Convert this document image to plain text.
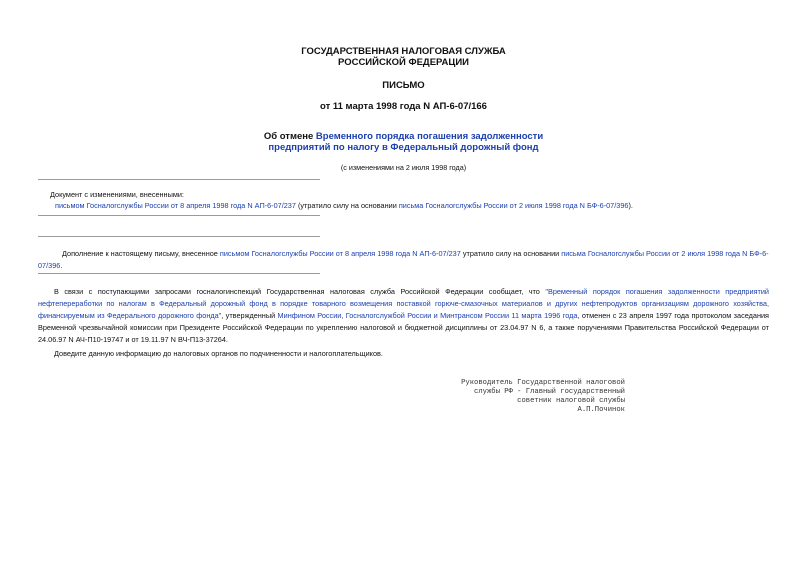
ГОСУДАРСТВЕННАЯ НАЛОГОВАЯ СЛУЖБА
РОССИЙСКОЙ ФЕДЕРАЦИИ
ПИСЬМО
от 11 марта 1998 года N АП-6-07/166
Об отмене Временного порядка погашения задолженности
предприятий по налогу в Федеральный дорожный фонд
(с изменениями на 2 июля 1998 года)
Документ с изменениями, внесенными:
письмом Госналогслужбы России от 8 апреля 1998 года N АП-6-07/237 (утратило силу на основании письма Госналогслужбы России от 2 июля 1998 года N БФ-6-07/396).
Дополнение к настоящему письму, внесенное письмом Госналогслужбы России от 8 апреля 1998 года N АП-6-07/237 утратило силу на основании письма Госналогслужбы России от 2 июля 1998 года N БФ-6-07/396.
В связи с поступающими запросами госналогинспекций Государственная налоговая служба Российской Федерации сообщает, что "Временный порядок погашения задолженности предприятий нефтепереработки по налогам в Федеральный дорожный фонд в порядке товарного возмещения поставкой горюче-смазочных материалов и других нефтепродуктов организациям дорожного хозяйства, финансируемым из Федерального дорожного фонда", утвержденный Минфином России, Госналогслужбой России и Минтрансом России 11 марта 1996 года, отменен с 23 апреля 1997 года протоколом заседания Временной чрезвычайной комиссии при Президенте Российской Федерации по укреплению налоговой и бюджетной дисциплины от 23.04.97 N 6, а также поручениями Правительства Российской Федерации от 24.06.97 N АЧ-П10-19747 и от 19.11.97 N ВЧ-П13-37264.
Доведите данную информацию до налоговых органов по подчиненности и налогоплательщиков.
Руководитель Государственной налоговой
службы РФ - Главный государственный
советник налоговой службы
А.П.Починок
